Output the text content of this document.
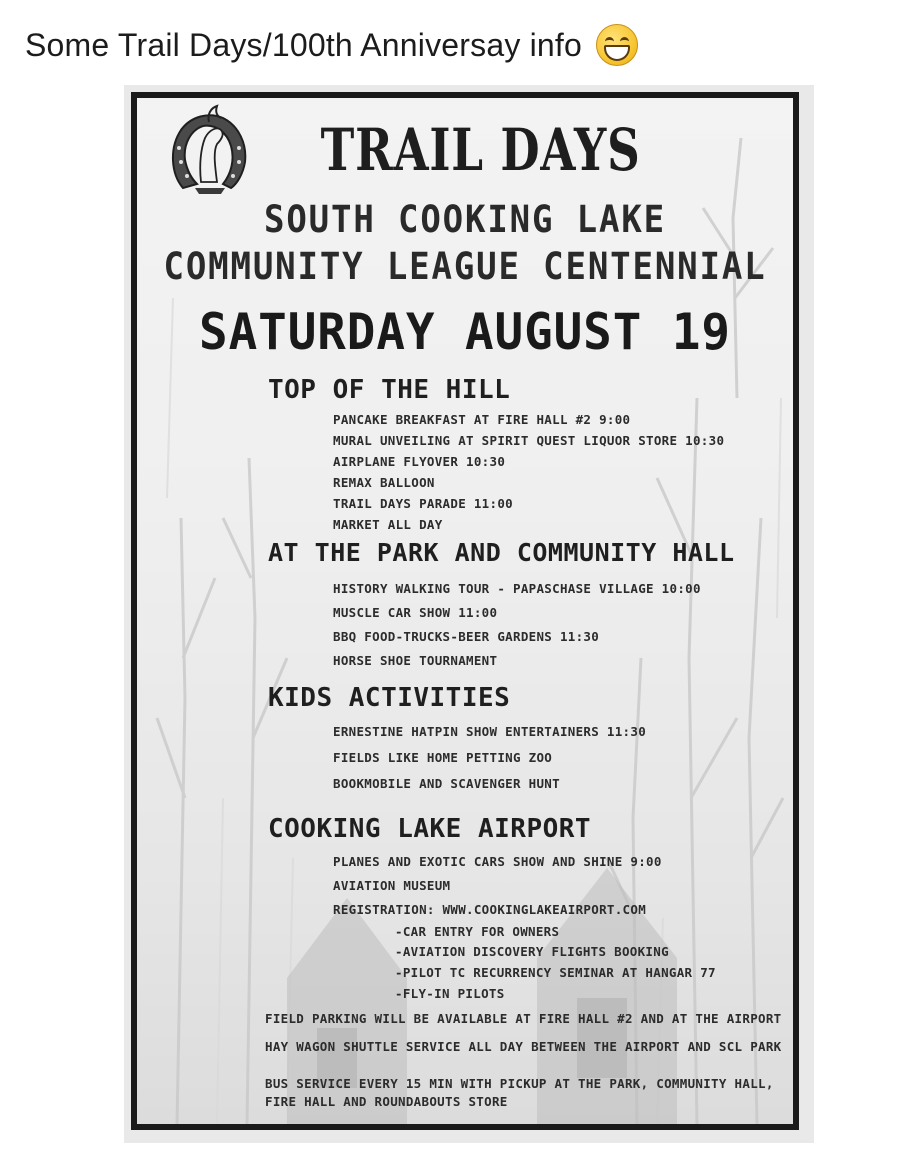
Some Trail Days/100th Anniversay info
TRAIL DAYS
SOUTH COOKING LAKE
COMMUNITY LEAGUE CENTENNIAL
SATURDAY AUGUST 19
TOP OF THE HILL
PANCAKE BREAKFAST AT FIRE HALL #2 9:00
MURAL UNVEILING AT SPIRIT QUEST LIQUOR STORE 10:30
AIRPLANE FLYOVER 10:30
REMAX BALLOON
TRAIL DAYS PARADE 11:00
MARKET ALL DAY
AT THE PARK AND COMMUNITY HALL
HISTORY WALKING TOUR - PAPASCHASE VILLAGE 10:00
MUSCLE CAR SHOW 11:00
BBQ FOOD-TRUCKS-BEER GARDENS 11:30
HORSE SHOE TOURNAMENT
KIDS ACTIVITIES
ERNESTINE HATPIN SHOW ENTERTAINERS 11:30
FIELDS LIKE HOME PETTING ZOO
BOOKMOBILE AND SCAVENGER HUNT
COOKING LAKE AIRPORT
PLANES AND EXOTIC CARS SHOW AND SHINE 9:00
AVIATION MUSEUM
REGISTRATION: WWW.COOKINGLAKEAIRPORT.COM
-CAR ENTRY FOR OWNERS
-AVIATION DISCOVERY FLIGHTS BOOKING
-PILOT TC RECURRENCY SEMINAR AT HANGAR 77
-FLY-IN PILOTS
FIELD PARKING WILL BE AVAILABLE AT FIRE HALL #2 AND AT THE AIRPORT
HAY WAGON SHUTTLE SERVICE ALL DAY BETWEEN THE AIRPORT AND SCL PARK
BUS SERVICE EVERY 15 MIN WITH PICKUP AT THE PARK, COMMUNITY HALL,
FIRE HALL AND ROUNDABOUTS STORE
